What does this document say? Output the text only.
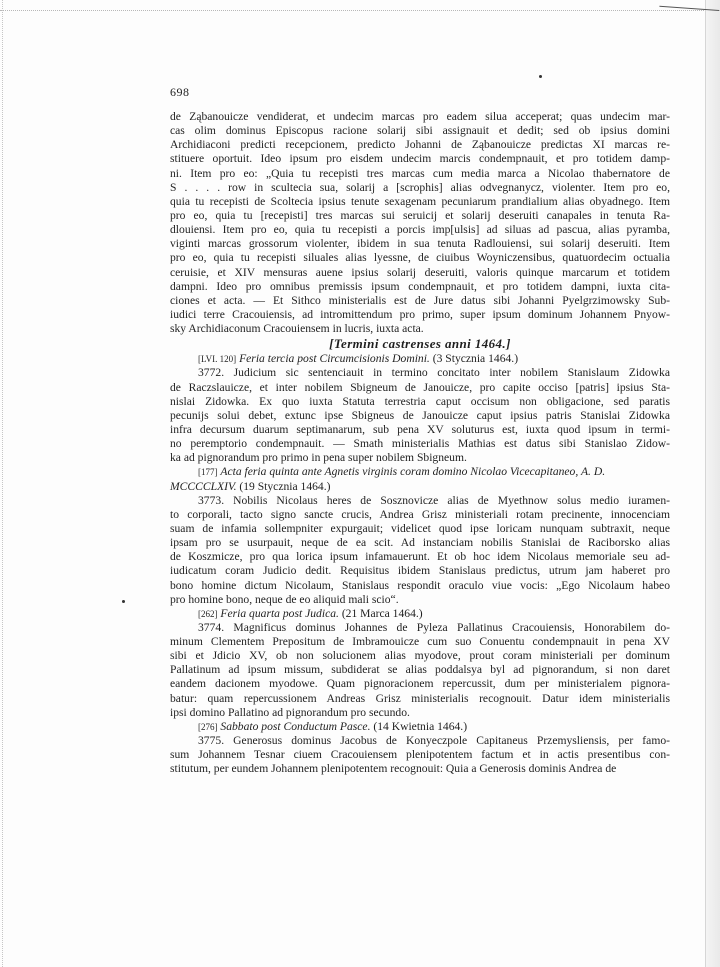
698
de Ząbanouicze vendiderat, et undecim marcas pro eadem silua acceperat; quas undecim mar-
cas olim dominus Episcopus racione solarij sibi assignauit et dedit; sed ob ipsius domini
Archidiaconi predicti recepcionem, predicto Johanni de Ząbanouicze predictas XI marcas re-
stituere oportuit. Ideo ipsum pro eisdem undecim marcis condempnauit, et pro totidem damp-
ni. Item pro eo: „Quia tu recepisti tres marcas cum media marca a Nicolao thabernatore de
S . . . . row in scultecia sua, solarij a [scrophis] alias odvegnanycz, violenter. Item pro eo,
quia tu recepisti de Scoltecia ipsius tenute sexagenam pecuniarum prandialium alias obyadnego. Item
pro eo, quia tu [recepisti] tres marcas sui seruicij et solarij deseruiti canapales in tenuta Ra-
dlouiensi. Item pro eo, quia tu recepisti a porcis imp[ulsis] ad siluas ad pascua, alias pyramba,
viginti marcas grossorum violenter, ibidem in sua tenuta Radlouiensi, sui solarij deseruiti. Item
pro eo, quia tu recepisti siluales alias lyessne, de ciuibus Woyniczensibus, quatuordecim octualia
ceruisie, et XIV mensuras auene ipsius solarij deseruiti, valoris quinque marcarum et totidem
dampni. Ideo pro omnibus premissis ipsum condempnauit, et pro totidem dampni, iuxta cita-
ciones et acta. — Et Sithco ministerialis est de Jure datus sibi Johanni Pyelgrzimowsky Sub-
iudici terre Cracouiensis, ad intromittendum pro primo, super ipsum dominum Johannem Pnyow-
sky Archidiaconum Cracouiensem in lucris, iuxta acta.
[Termini castrenses anni 1464.]
[LVI. 120] Feria tercia post Circumcisionis Domini. (3 Stycznia 1464.)
3772. Judicium sic sentenciauit in termino concitato inter nobilem Stanislaum Zidowka
de Raczslauicze, et inter nobilem Sbigneum de Janouicze, pro capite occiso [patris] ipsius Sta-
nislai Zidowka. Ex quo iuxta Statuta terrestria caput occisum non obligacione, sed paratis
pecunijs solui debet, extunc ipse Sbigneus de Janouicze caput ipsius patris Stanislai Zidowka
infra decursum duarum septimanarum, sub pena XV soluturus est, iuxta quod ipsum in termi-
no peremptorio condempnauit. — Smath ministerialis Mathias est datus sibi Stanislao Zidow-
ka ad pignorandum pro primo in pena super nobilem Sbigneum.
[177] Acta feria quinta ante Agnetis virginis coram domino Nicolao Vicecapitaneo, A. D.
MCCCCLXIV. (19 Stycznia 1464.)
3773. Nobilis Nicolaus heres de Sosznovicze alias de Myethnow solus medio iuramen-
to corporali, tacto signo sancte crucis, Andrea Grisz ministeriali rotam precinente, innocenciam
suam de infamia sollempniter expurgauit; videlicet quod ipse loricam nunquam subtraxit, neque
ipsam pro se usurpauit, neque de ea scit. Ad instanciam nobilis Stanislai de Raciborsko alias
de Koszmicze, pro qua lorica ipsum infamauerunt. Et ob hoc idem Nicolaus memoriale seu ad-
iudicatum coram Judicio dedit. Requisitus ibidem Stanislaus predictus, utrum jam haberet pro
bono homine dictum Nicolaum, Stanislaus respondit oraculo viue vocis: „Ego Nicolaum habeo
pro homine bono, neque de eo aliquid mali scio“.
[262] Feria quarta post Judica. (21 Marca 1464.)
3774. Magnificus dominus Johannes de Pyleza Pallatinus Cracouiensis, Honorabilem do-
minum Clementem Prepositum de Imbramouicze cum suo Conuentu condempnauit in pena XV
sibi et Jdicio XV, ob non solucionem alias myodove, prout coram ministeriali per dominum
Pallatinum ad ipsum missum, subdiderat se alias poddalsya byl ad pignorandum, si non daret
eandem dacionem myodowe. Quam pignoracionem repercussit, dum per ministerialem pignora-
batur: quam repercussionem Andreas Grisz ministerialis recognouit. Datur idem ministerialis
ipsi domino Pallatino ad pignorandum pro secundo.
[276] Sabbato post Conductum Pasce. (14 Kwietnia 1464.)
3775. Generosus dominus Jacobus de Konyeczpole Capitaneus Przemysliensis, per famo-
sum Johannem Tesnar ciuem Cracouiensem plenipotentem factum et in actis presentibus con-
stitutum, per eundem Johannem plenipotentem recognouit: Quia a Generosis dominis Andrea de
